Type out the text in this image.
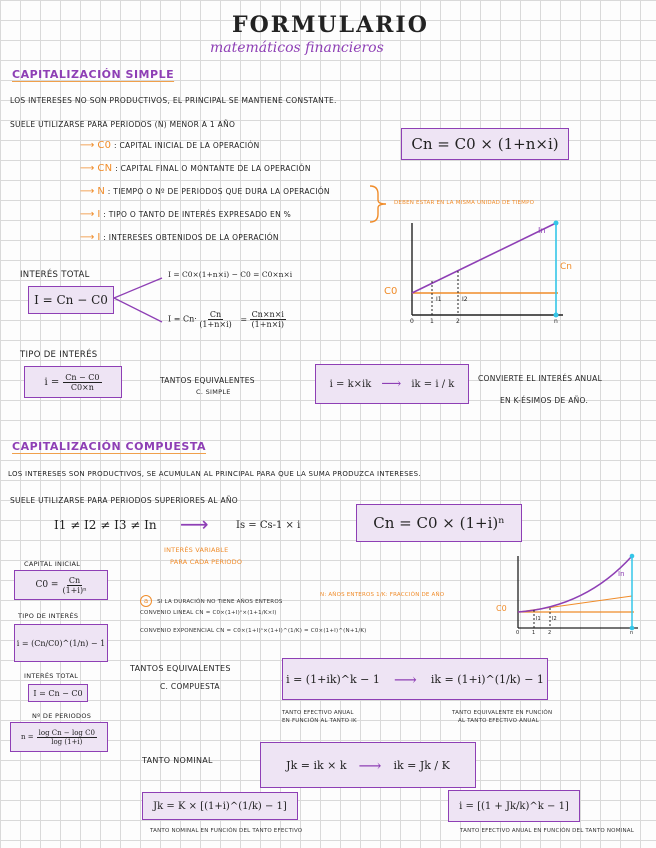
FORMULARIO
matemáticos financieros
CAPITALIZACIÓN SIMPLE
LOS INTERESES NO SON PRODUCTIVOS, EL PRINCIPAL SE MANTIENE CONSTANTE.
SUELE UTILIZARSE PARA PERIODOS (N) MENOR A 1 AÑO
Cn = C0 × (1+n×i)
⟶ C0 : CAPITAL INICIAL DE LA OPERACIÓN
⟶ CN : CAPITAL FINAL O MONTANTE DE LA OPERACIÓN
⟶ N : TIEMPO O Nº DE PERIODOS QUE DURA LA OPERACIÓN
⟶ I : TIPO O TANTO DE INTERÉS EXPRESADO EN %
⟶ I : INTERESES OBTENIDOS DE LA OPERACIÓN
DEBEN ESTAR EN LA MISMA UNIDAD DE TIEMPO
C0
Cn
In
I1	I2
0	1	2	n
INTERÉS TOTAL
I = Cn − C0
I = C0×(1+n×i) − C0 = C0×n×i
$I = Cn\cdot \frac{Cn}{(1+n\times i)} = \frac{Cn\times n\times i}{(1+n\times i)}$
TIPO DE INTERÉS
$i = \frac{Cn - C0}{C0\times n}$	TANTOS EQUIVALENTES
C. SIMPLE
i = k×ik ⟶ ik = i / k	CONVIERTE EL INTERÉS ANUAL
EN K-ÉSIMOS DE AÑO.
CAPITALIZACIÓN COMPUESTA
LOS INTERESES SON PRODUCTIVOS, SE ACUMULAN AL PRINCIPAL PARA QUE LA SUMA PRODUZCA INTERESES.
SUELE UTILIZARSE PARA PERIODOS SUPERIORES AL AÑO
I1 ≠ I2 ≠ I3 ≠ In ⟶	Is = Cs-1 × i
INTERÉS VARIABLE
PARA CADA PERIODO
Cn = C0 × (1+i)ⁿ
CAPITAL INICIAL
$C0 = \frac{Cn}{\text{(1+i)ⁿ}}$
TIPO DE INTERÉS
i = (Cn/C0)^(1/n) − 1
INTERÉS TOTAL
I = Cn − C0
Nº DE PERIODOS
$n = \frac{\text{log Cn − log C0}}{\log (1+i)}$
a SI LA DURACIÓN NO TIENE AÑOS ENTEROS
N: AÑOS ENTEROS 1/K: FRACCIÓN DE AÑO
CONVENIO LINEAL CN = C0×(1+I)ⁿ×(1+1/K×I)
CONVENIO EXPONENCIAL CN = C0×(1+I)ⁿ×(1+I)^(1/K) = C0×(1+I)^(N+1/K)
C0
In
I1 I2
0	1	2	n
TANTOS EQUIVALENTES
C. COMPUESTA
i = (1+ik)^k − 1 ⟶ ik = (1+i)^(1/k) − 1
TANTO EFECTIVO ANUAL
EN FUNCIÓN AL TANTO IK
TANTO EQUIVALENTE EN FUNCIÓN
AL TANTO EFECTIVO ANUAL
TANTO NOMINAL	Jk = ik × k ⟶ ik = Jk / K
Jk = K × [(1+i)^(1/k) − 1]
TANTO NOMINAL EN FUNCIÓN DEL TANTO EFECTIVO
i = [(1 + Jk/k)^k − 1]
TANTO EFECTIVO ANUAL EN FUNCIÓN DEL TANTO NOMINAL
